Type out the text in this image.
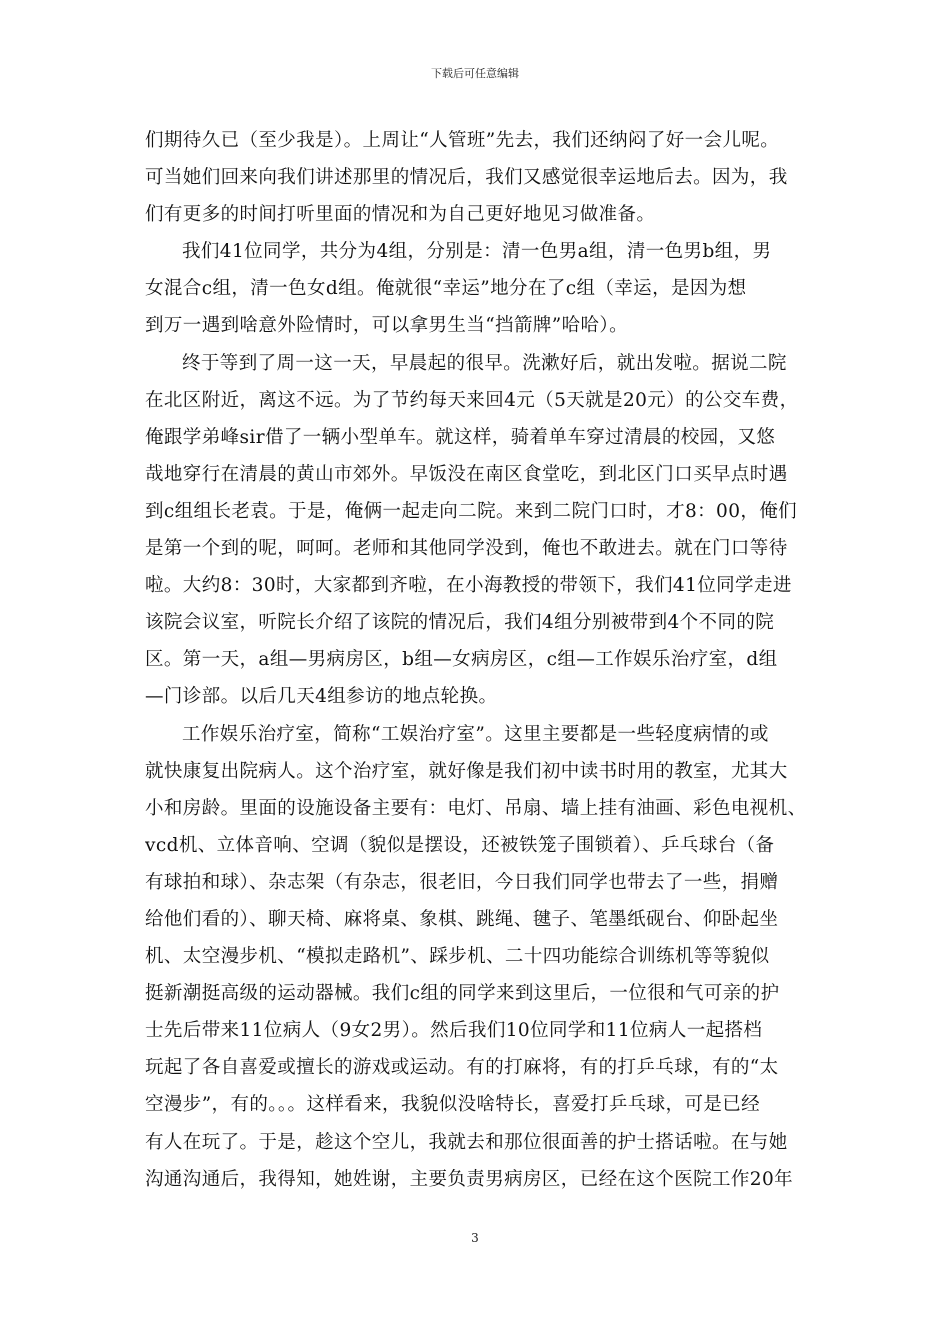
下载后可任意编辑
们期待久已（至少我是）。上周让“人管班”先去，我们还纳闷了好一会儿呢。
可当她们回来向我们讲述那里的情况后，我们又感觉很幸运地后去。因为，我
们有更多的时间打听里面的情况和为自己更好地见习做准备。
我们41位同学，共分为4组，分别是：清一色男a组，清一色男b组，男
女混合c组，清一色女d组。俺就很“幸运”地分在了c组（幸运，是因为想
到万一遇到啥意外险情时，可以拿男生当“挡箭牌”哈哈）。
终于等到了周一这一天，早晨起的很早。洗漱好后，就出发啦。据说二院
在北区附近，离这不远。为了节约每天来回4元（5天就是20元）的公交车费，
俺跟学弟峰sir借了一辆小型单车。就这样，骑着单车穿过清晨的校园，又悠
哉地穿行在清晨的黄山市郊外。早饭没在南区食堂吃，到北区门口买早点时遇
到c组组长老袁。于是，俺俩一起走向二院。来到二院门口时，才8：00，俺们
是第一个到的呢，呵呵。老师和其他同学没到，俺也不敢进去。就在门口等待
啦。大约8：30时，大家都到齐啦，在小海教授的带领下，我们41位同学走进
该院会议室，听院长介绍了该院的情况后，我们4组分别被带到4个不同的院
区。第一天，a组—男病房区，b组—女病房区，c组—工作娱乐治疗室，d组
—门诊部。以后几天4组参访的地点轮换。
工作娱乐治疗室，简称“工娱治疗室”。这里主要都是一些轻度病情的或
就快康复出院病人。这个治疗室，就好像是我们初中读书时用的教室，尤其大
小和房龄。里面的设施设备主要有：电灯、吊扇、墙上挂有油画、彩色电视机、
vcd机、立体音响、空调（貌似是摆设，还被铁笼子围锁着）、乒乓球台（备
有球拍和球）、杂志架（有杂志，很老旧，今日我们同学也带去了一些，捐赠
给他们看的）、聊天椅、麻将桌、象棋、跳绳、毽子、笔墨纸砚台、仰卧起坐
机、太空漫步机、“模拟走路机”、踩步机、二十四功能综合训练机等等貌似
挺新潮挺高级的运动器械。我们c组的同学来到这里后，一位很和气可亲的护
士先后带来11位病人（9女2男）。然后我们10位同学和11位病人一起搭档
玩起了各自喜爱或擅长的游戏或运动。有的打麻将，有的打乒乓球，有的“太
空漫步”，有的。。。这样看来，我貌似没啥特长，喜爱打乒乓球，可是已经
有人在玩了。于是，趁这个空儿，我就去和那位很面善的护士搭话啦。在与她
沟通沟通后，我得知，她姓谢，主要负责男病房区，已经在这个医院工作20年
3
